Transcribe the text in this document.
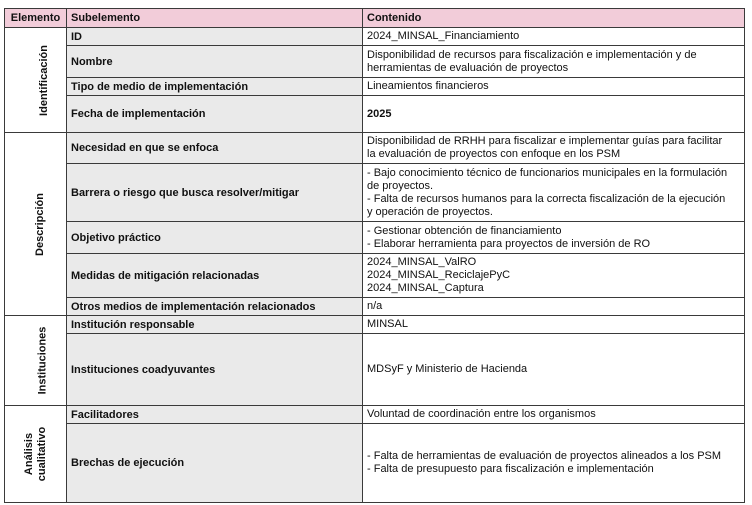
Elemento	Subelemento	Contenido
Identificación	ID	2024_MINSAL_Financiamiento

	Nombre	Disponibilidad de recursos para fiscalización e implementación y de
herramientas de evaluación de proyectos

	Tipo de medio de implementación	Lineamientos financieros

	Fecha de implementación	2025

Descripción	Necesidad en que se enfoca	Disponibilidad de RRHH para fiscalizar e implementar guías para facilitar
la evaluación de proyectos con enfoque en los PSM

	Barrera o riesgo que busca resolver/mitigar	- Bajo conocimiento técnico de funcionarios municipales en la formulación
de proyectos.
- Falta de recursos humanos para la correcta fiscalización de la ejecución
y operación de proyectos.

	Objetivo práctico	- Gestionar obtención de financiamiento
- Elaborar herramienta para proyectos de inversión de RO

	Medidas de mitigación relacionadas	2024_MINSAL_ValRO
2024_MINSAL_ReciclajePyC
2024_MINSAL_Captura

	Otros medios de implementación relacionados	n/a

Instituciones	Institución responsable	MINSAL

	Instituciones coadyuvantes	MDSyF y Ministerio de Hacienda

Análisis
cualitativo	Facilitadores	Voluntad de coordinación entre los organismos

	Brechas de ejecución	- Falta de herramientas de evaluación de proyectos alineados a los PSM
- Falta de presupuesto para fiscalización e implementación
